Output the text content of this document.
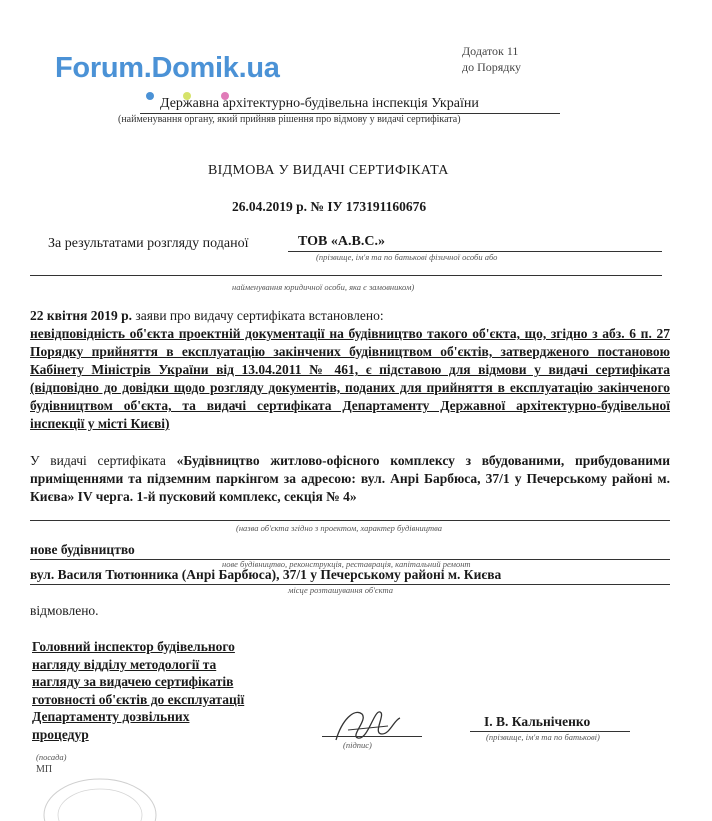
Forum.Domik.ua
Додаток 11
до Порядку
Державна архітектурно-будівельна інспекція України
(найменування органу, який прийняв рішення про відмову у видачі сертифіката)
ВІДМОВА У ВИДАЧІ СЕРТИФІКАТА
26.04.2019 р. № IУ 173191160676
За результатами розгляду поданої	ТОВ «А.В.С.»
(прізвище, ім'я та по батькові фізичної особи або
найменування юридичної особи, яка є замовником)

22 квітня 2019 р. заяви про видачу сертифіката встановлено:

невідповідність об'єкта проектній документації на будівництво такого об'єкта, що, згідно з абз. 6 п. 27 Порядку прийняття в експлуатацію закінчених будівництвом об'єктів, затвердженого постановою Кабінету Міністрів України від 13.04.2011 № 461, є підставою для відмови у видачі сертифіката (відповідно до довідки щодо розгляду документів, поданих для прийняття в експлуатацію закінченого будівництвом об'єкта, та видачі сертифіката Департаменту Державної архітектурно-будівельної інспекції у місті Києві)

У видачі сертифіката «Будівництво житлово-офісного комплексу з вбудованими, прибудованими приміщеннями та підземним паркінгом за адресою: вул. Анрі Барбюса, 37/1 у Печерському районі м. Києва» IV черга. 1-й пусковий комплекс, секція № 4»
(назва об'єкта згідно з проектом, характер будівництва
нове будівництво
нове будівництво, реконструкція, реставрація, капітальний ремонт
вул. Василя Тютюнника (Анрі Барбюса), 37/1 у Печерському районі м. Києва
місце розташування об'єкта
відмовлено.
Головний інспектор будівельного
нагляду відділу методології та
нагляду за видачею сертифікатів
готовності об'єктів до експлуатації
Департаменту дозвільних
процедур
(посада)
МП
(підпис)
І. В. Кальніченко
(прізвище, ім'я та по батькові)
